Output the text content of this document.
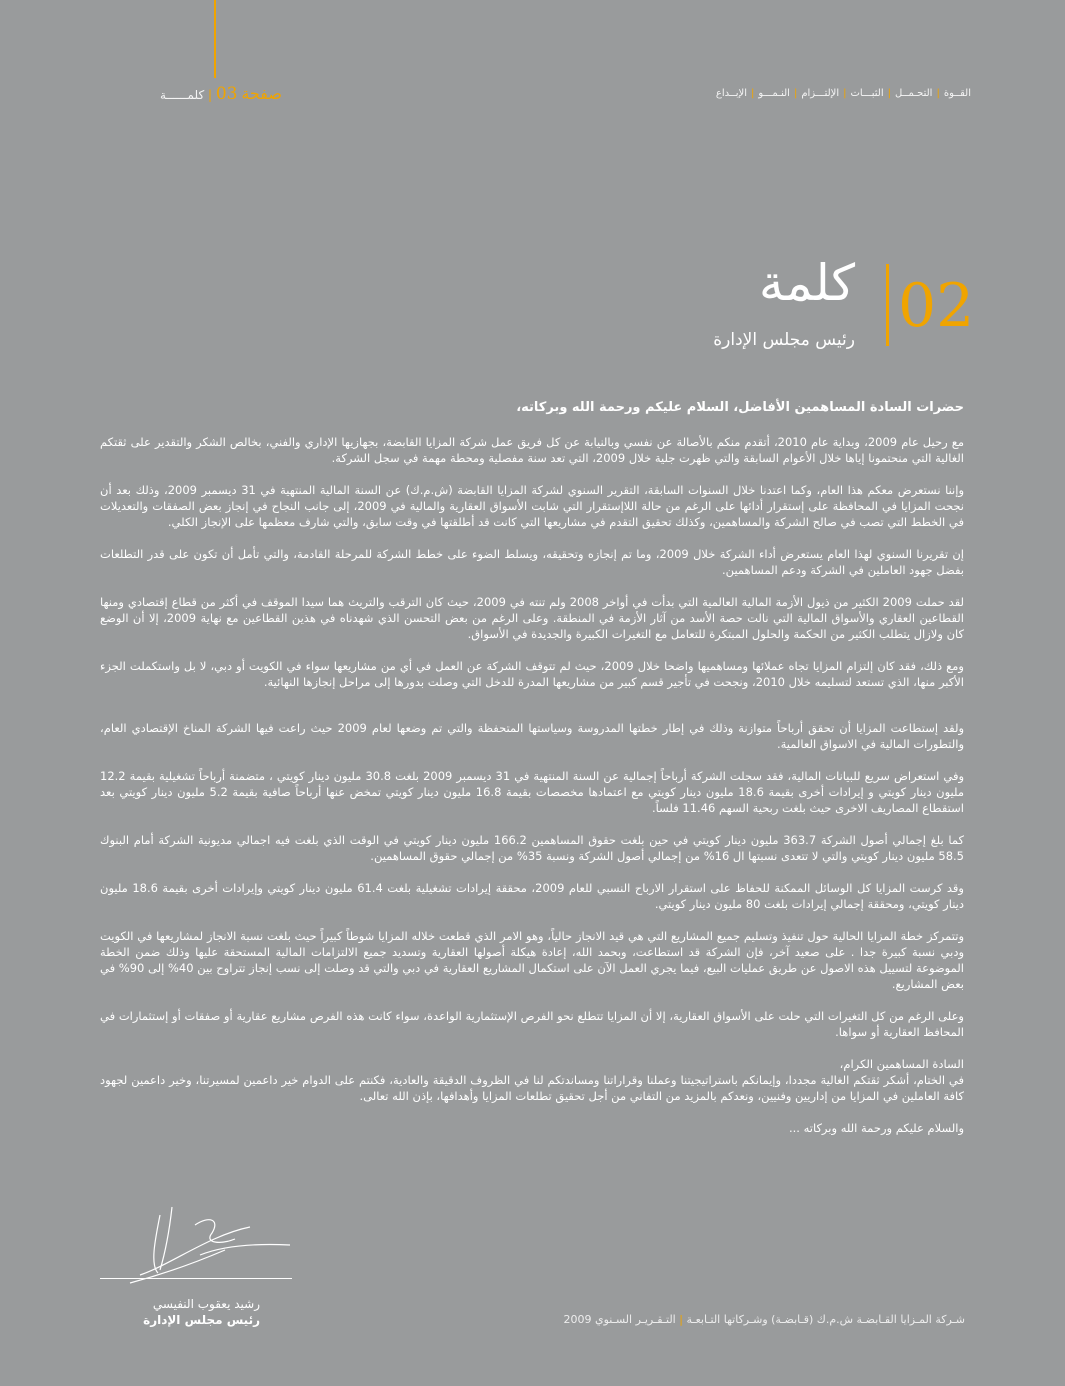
صفحة 03 | كلمــــــة	القــوة|التحـمــل|الثبـــات|الإلتـــزام|النـمـــو|الإبــداع
02
كلمة
رئيس مجلس الإدارة

حضرات السادة المساهمين الأفاضل، السلام عليكم ورحمة الله وبركاته،

مع رحيل عام 2009، وبداية عام 2010، أتقدم منكم بالأصالة عن نفسي وبالنيابة عن كل فريق عمل شركة المزايا القابضة، بجهازيها الإداري والفني، بخالص الشكر والتقدير على ثقتكم الغالية التي منحتمونا إياها خلال الأعوام السابقة والتي ظهرت جلية خلال 2009، التي تعد سنة مفصلية ومحطة مهمة في سجل الشركة.

وإننا نستعرض معكم هذا العام، وكما اعتدنا خلال السنوات السابقة، التقرير السنوي لشركة المزايا القابضة (ش.م.ك) عن السنة المالية المنتهية في 31 ديسمبر 2009، وذلك بعد أن نجحت المزايا في المحافظة على إستقرار أدائها على الرغم من حالة اللاإستقرار التي شابت الأسواق العقارية والمالية في 2009، إلى جانب النجاح في إنجاز بعض الصفقات والتعديلات في الخطط التي تصب في صالح الشركة والمساهمين، وكذلك تحقيق التقدم في مشاريعها التي كانت قد أطلقتها في وقت سابق، والتي شارف معظمها على الإنجاز الكلي.

إن تقريرنا السنوي لهذا العام يستعرض أداء الشركة خلال 2009، وما تم إنجازه وتحقيقه، ويسلط الضوء على خطط الشركة للمرحلة القادمة، والتي تأمل أن تكون على قدر التطلعات بفضل جهود العاملين في الشركة ودعم المساهمين.

لقد حملت 2009 الكثير من ذيول الأزمة المالية العالمية التي بدأت في أواخر 2008 ولم تنته في 2009، حيث كان الترقب والتريث هما سيدا الموقف في أكثر من قطاع إقتصادي ومنها القطاعين العقاري والأسواق المالية التي نالت حصة الأسد من آثار الأزمة في المنطقة. وعلى الرغم من بعض التحسن الذي شهدناه في هذين القطاعين مع نهاية 2009، إلا أن الوضع كان ولازال يتطلب الكثير من الحكمة والحلول المبتكرة للتعامل مع التغيرات الكبيرة والجديدة في الأسواق.

ومع ذلك، فقد كان إلتزام المزايا تجاه عملائها ومساهميها واضحا خلال 2009، حيث لم تتوقف الشركة عن العمل في أي من مشاريعها سواء في الكويت أو دبي، لا بل واستكملت الجزء الأكبر منها، الذي تستعد لتسليمه خلال 2010، ونجحت في تأجير قسم كبير من مشاريعها المدرة للدخل التي وصلت بدورها إلى مراحل إنجازها النهائية.

ولقد إستطاعت المزايا أن تحقق أرباحاً متوازنة وذلك في إطار خطتها المدروسة وسياستها المتحفظة والتي تم وضعها لعام 2009 حيث راعت فيها الشركة المناخ الإقتصادي العام، والتطورات المالية في الاسواق العالمية.

وفي استعراض سريع للبيانات المالية، فقد سجلت الشركة أرباحاً إجمالية عن السنة المنتهية في 31 ديسمبر 2009 بلغت 30.8 مليون دينار كويتي ، متضمنة أرباحاً تشغيلية بقيمة 12.2 مليون دينار كويتي و إيرادات أخرى بقيمة 18.6 مليون دينار كويتي مع اعتمادها مخصصات بقيمة 16.8 مليون دينار كويتي تمخض عنها أرباحاً صافية بقيمة 5.2 مليون دينار كويتي بعد استقطاع المصاريف الاخرى حيث بلغت ربحية السهم 11.46 فلساً.

كما بلغ إجمالي أصول الشركة 363.7 مليون دينار كويتي في حين بلغت حقوق المساهمين 166.2 مليون دينار كويتي في الوقت الذي بلغت فيه اجمالي مديونية الشركة أمام البنوك 58.5 مليون دينار كويتي والتي لا تتعدى نسبتها ال 16% من إجمالي أصول الشركة ونسبة 35% من إجمالي حقوق المساهمين.

وقد كرست المزايا كل الوسائل الممكنة للحفاظ على استقرار الارباح النسبي للعام 2009، محققة إيرادات تشغيلية بلغت 61.4 مليون دينار كويتي وإيرادات أخرى بقيمة 18.6 مليون دينار كويتي، ومحققة إجمالي إيرادات بلغت 80 مليون دينار كويتي.

وتتمركز خطة المزايا الحالية حول تنفيذ وتسليم جميع المشاريع التي هي قيد الانجاز حالياً، وهو الامر الذي قطعت خلاله المزايا شوطاً كبيراً حيث بلغت نسبة الانجاز لمشاريعها في الكويت ودبي نسبة كبيرة جدا . على صعيد آخر، فإن الشركة قد استطاعت، وبحمد الله، إعادة هيكلة أصولها العقارية وتسديد جميع الالتزامات المالية المستحقة عليها وذلك ضمن الخطة الموضوعة لتسييل هذه الاصول عن طريق عمليات البيع، فيما يجري العمل الآن على استكمال المشاريع العقارية في دبي والتي قد وصلت إلى نسب إنجاز تتراوح بين 40% إلى 90% في بعض المشاريع.

وعلى الرغم من كل التغيرات التي حلت على الأسواق العقارية، إلا أن المزايا تتطلع نحو الفرص الإستثمارية الواعدة، سواء كانت هذه الفرص مشاريع عقارية أو صفقات أو إستثمارات في المحافظ العقارية أو سواها.

السادة المساهمين الكرام،

في الختام، أشكر ثقتكم الغالية مجددا، وإيمانكم باستراتيجيتنا وعملنا وقراراتنا ومساندتكم لنا في الظروف الدقيقة والعادية، فكنتم على الدوام خير داعمين لمسيرتنا، وخير داعمين لجهود كافة العاملين في المزايا من إداريين وفنيين، ونعدكم بالمزيد من التفاني من أجل تحقيق تطلعات المزايا وأهدافها، بإذن الله تعالى.

والسلام عليكم ورحمة الله وبركاته ...

رشيد يعقوب النفيسي
رئيس مجلس الإدارة	شـركة المـزايا القـابضـة ش.م.ك (قـابضـة) وشـركاتها التـابعـة | التـقـريـر السـنوي 2009
